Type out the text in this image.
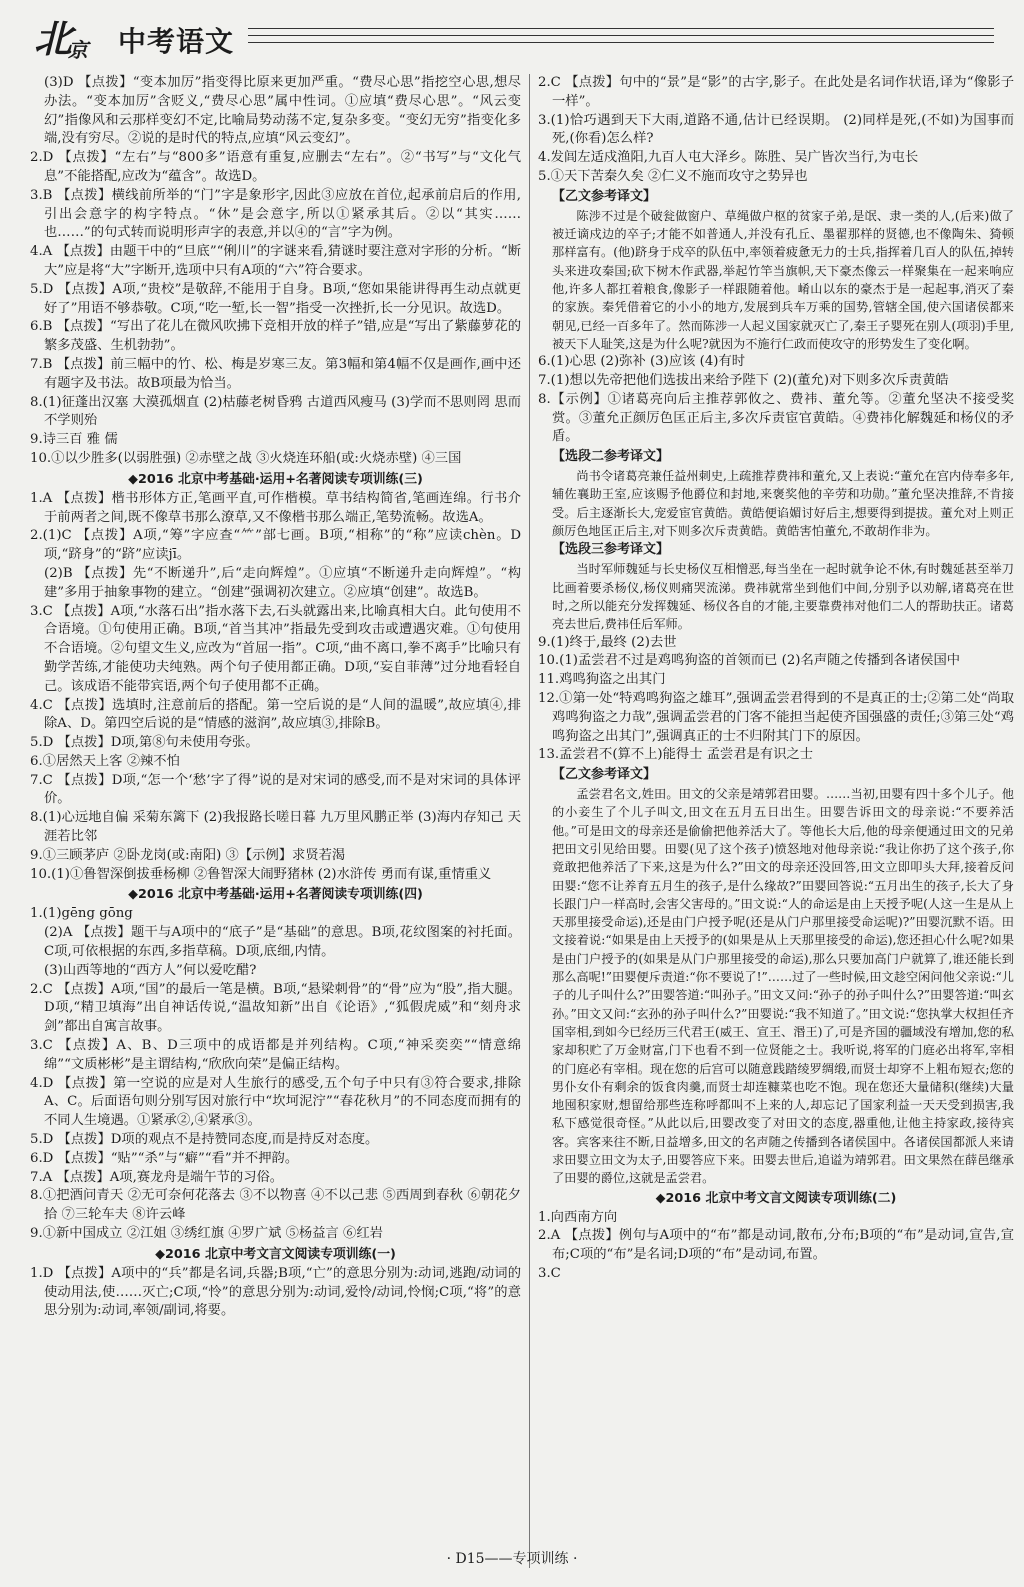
北京 中考语文
(3)D 【点拨】“变本加厉”指变得比原来更加严重。“费尽心思”指挖空心思,想尽办法。“变本加厉”含贬义,“费尽心思”属中性词。①应填“费尽心思”。“风云变幻”指像风和云那样变幻不定,比喻局势动荡不定,复杂多变。“变幻无穷”指变化多端,没有穷尽。②说的是时代的特点,应填“风云变幻”。
2.D 【点拨】“左右”与“800多”语意有重复,应删去“左右”。②“书写”与“文化气息”不能搭配,应改为“蕴含”。故选D。
3.B 【点拨】横线前所举的“门”字是象形字,因此③应放在首位,起承前启后的作用,引出会意字的构字特点。“休”是会意字,所以①紧承其后。②以“其实……也……”的句式转而说明形声字的表意,并以④的“言”字为例。
4.A 【点拨】由题干中的“旦底”“俐川”的字谜来看,猜谜时要注意对字形的分析。“断大”应是将“大”字断开,选项中只有A项的“六”符合要求。
5.D 【点拨】A项,“贵校”是敬辞,不能用于自身。B项,“您如果能讲得再生动点就更好了”用语不够恭敬。C项,“吃一堑,长一智”指受一次挫折,长一分见识。故选D。
6.B 【点拨】“写出了花儿在微风吹拂下竞相开放的样子”错,应是“写出了紫藤萝花的繁多茂盛、生机勃勃”。
7.B 【点拨】前三幅中的竹、松、梅是岁寒三友。第3幅和第4幅不仅是画作,画中还有题字及书法。故B项最为恰当。
8.(1)征蓬出汉塞 大漠孤烟直 (2)枯藤老树昏鸦 古道西风瘦马 (3)学而不思则罔 思而不学则殆
9.诗三百 雅 儒
10.①以少胜多(以弱胜强) ②赤壁之战 ③火烧连环船(或:火烧赤壁) ④三国
◆2016 北京中考基础·运用+名著阅读专项训练(三)
1.A 【点拨】楷书形体方正,笔画平直,可作楷模。草书结构简省,笔画连绵。行书介于前两者之间,既不像草书那么潦草,又不像楷书那么端正,笔势流畅。故选A。
2.(1)C 【点拨】A项,“筹”字应查“⺮”部七画。B项,“相称”的“称”应读chèn。D项,“跻身”的“跻”应读jī。
(2)B 【点拨】先“不断递升”,后“走向辉煌”。①应填“不断递升走向辉煌”。“构建”多用于抽象事物的建立。“创建”强调初次建立。②应填“创建”。故选B。
3.C 【点拨】A项,“水落石出”指水落下去,石头就露出来,比喻真相大白。此句使用不合语境。①句使用正确。B项,“首当其冲”指最先受到攻击或遭遇灾难。①句使用不合语境。②句望文生义,应改为“首屈一指”。C项,“曲不离口,拳不离手”比喻只有勤学苦练,才能使功夫纯熟。两个句子使用都正确。D项,“妄自菲薄”过分地看轻自己。该成语不能带宾语,两个句子使用都不正确。
4.C 【点拨】选填时,注意前后的搭配。第一空后说的是“人间的温暖”,故应填④,排除A、D。第四空后说的是“情感的滋润”,故应填③,排除B。
5.D 【点拨】D项,第⑧句未使用夸张。
6.①居然天上客 ②辣不怕
7.C 【点拨】D项,“怎一个‘愁’字了得”说的是对宋词的感受,而不是对宋词的具体评价。
8.(1)心远地自偏 采菊东篱下 (2)我报路长嗟日暮 九万里风鹏正举 (3)海内存知己 天涯若比邻
9.①三顾茅庐 ②卧龙岗(或:南阳) ③【示例】求贤若渴
10.(1)①鲁智深倒拔垂杨柳 ②鲁智深大闹野猪林 (2)水浒传 勇而有谋,重情重义
◆2016 北京中考基础·运用+名著阅读专项训练(四)
1.(1)gēng gōng
(2)A 【点拨】题干与A项中的“底子”是“基础”的意思。B项,花纹图案的衬托面。C项,可依根据的东西,多指草稿。D项,底细,内情。
(3)山西等地的“西方人”何以爱吃醋?
2.C 【点拨】A项,“国”的最后一笔是横。B项,“悬梁刺骨”的“骨”应为“股”,指大腿。D项,“精卫填海”出自神话传说,“温故知新”出自《论语》,“狐假虎威”和“刻舟求剑”都出自寓言故事。
3.C 【点拨】A、B、D三项中的成语都是并列结构。C项,“神采奕奕”“情意绵绵”“文质彬彬”是主谓结构,“欣欣向荣”是偏正结构。
4.D 【点拨】第一空说的应是对人生旅行的感受,五个句子中只有③符合要求,排除A、C。后面语句则分别写因对旅行中“坎坷泥泞”“春花秋月”的不同态度而拥有的不同人生境遇。①紧承②,④紧承③。
5.D 【点拨】D项的观点不是持赞同态度,而是持反对态度。
6.D 【点拨】“贴”“杀”与“癖”“看”并不押韵。
7.A 【点拨】A项,赛龙舟是端午节的习俗。
8.①把酒问青天 ②无可奈何花落去 ③不以物喜 ④不以己悲 ⑤西周到春秋 ⑥朝花夕拾 ⑦三轮车夫 ⑧许云峰
9.①新中国成立 ②江姐 ③绣红旗 ④罗广斌 ⑤杨益言 ⑥红岩
◆2016 北京中考文言文阅读专项训练(一)
1.D 【点拨】A项中的“兵”都是名词,兵器;B项,“亡”的意思分别为:动词,逃跑/动词的使动用法,使……灭亡;C项,“怜”的意思分别为:动词,爱怜/动词,怜悯;C项,“将”的意思分别为:动词,率领/副词,将要。
2.C 【点拨】句中的“景”是“影”的古字,影子。在此处是名词作状语,译为“像影子一样”。
3.(1)恰巧遇到天下大雨,道路不通,估计已经误期。 (2)同样是死,(不如)为国事而死,(你看)怎么样?
4.发闾左适戍渔阳,九百人屯大泽乡。陈胜、吴广皆次当行,为屯长
5.①天下苦秦久矣 ②仁义不施而攻守之势异也
【乙文参考译文】
陈涉不过是个破瓮做窗户、草绳做户枢的贫家子弟,是氓、隶一类的人,(后来)做了被迁谪戍边的卒子;才能不如普通人,并没有孔丘、墨翟那样的贤德,也不像陶朱、猗顿那样富有。(他)跻身于戍卒的队伍中,率领着疲惫无力的士兵,指挥着几百人的队伍,掉转头来进攻秦国;砍下树木作武器,举起竹竿当旗帜,天下豪杰像云一样聚集在一起来响应他,许多人都扛着粮食,像影子一样跟随着他。崤山以东的豪杰于是一起起事,消灭了秦的家族。秦凭借着它的小小的地方,发展到兵车万乘的国势,管辖全国,使六国诸侯都来朝见,已经一百多年了。然而陈涉一人起义国家就灭亡了,秦王子婴死在别人(项羽)手里,被天下人耻笑,这是为什么呢?就因为不施行仁政而使攻守的形势发生了变化啊。
6.(1)心思 (2)弥补 (3)应该 (4)有时
7.(1)想以先帝把他们选拔出来给予陛下 (2)(董允)对下则多次斥责黄皓
8.【示例】①诸葛亮向后主推荐郭攸之、费祎、董允等。②董允坚决不接受奖赏。③董允正颜厉色匡正后主,多次斥责宦官黄皓。④费祎化解魏延和杨仪的矛盾。
【选段二参考译文】
尚书令诸葛亮兼任益州刺史,上疏推荐费祎和董允,又上表说:“董允在宫内侍奉多年,辅佐襄助王室,应该赐予他爵位和封地,来褒奖他的辛劳和功勋。”董允坚决推辞,不肯接受。后主逐渐长大,宠爱宦官黄皓。黄皓便谄媚讨好后主,想要得到提拔。董允对上则正颜厉色地匡正后主,对下则多次斥责黄皓。黄皓害怕董允,不敢胡作非为。
【选段三参考译文】
当时军师魏延与长史杨仪互相憎恶,每当坐在一起时就争论不休,有时魏延甚至举刀比画着要杀杨仪,杨仪则痛哭流涕。费祎就常坐到他们中间,分别予以劝解,诸葛亮在世时,之所以能充分发挥魏延、杨仪各自的才能,主要靠费祎对他们二人的帮助扶正。诸葛亮去世后,费祎任后军师。
9.(1)终于,最终 (2)去世
10.(1)孟尝君不过是鸡鸣狗盗的首领而已 (2)名声随之传播到各诸侯国中
11.鸡鸣狗盗之出其门
12.①第一处“特鸡鸣狗盗之雄耳”,强调孟尝君得到的不是真正的士;②第二处“尚取鸡鸣狗盗之力哉”,强调孟尝君的门客不能担当起使齐国强盛的责任;③第三处“鸡鸣狗盗之出其门”,强调真正的士不归附其门下的原因。
13.孟尝君不(算不上)能得士 孟尝君是有识之士
【乙文参考译文】
孟尝君名文,姓田。田文的父亲是靖郭君田婴。……当初,田婴有四十多个儿子。他的小妾生了个儿子叫文,田文在五月五日出生。田婴告诉田文的母亲说:“不要养活他。”可是田文的母亲还是偷偷把他养活大了。等他长大后,他的母亲便通过田文的兄弟把田文引见给田婴。田婴(见了这个孩子)愤怒地对他母亲说:“我让你扔了这个孩子,你竟敢把他养活了下来,这是为什么?”田文的母亲还没回答,田文立即叩头大拜,接着反问田婴:“您不让养育五月生的孩子,是什么缘故?”田婴回答说:“五月出生的孩子,长大了身长跟门户一样高时,会害父害母的。”田文说:“人的命运是由上天授予呢(人这一生是从上天那里接受命运),还是由门户授予呢(还是从门户那里接受命运呢)?”田婴沉默不语。田文接着说:“如果是由上天授予的(如果是从上天那里接受的命运),您还担心什么呢?如果是由门户授予的(如果是从门户那里接受的命运),那么只要加高门户就算了,谁还能长到那么高呢!”田婴便斥责道:“你不要说了!”……过了一些时候,田文趁空闲问他父亲说:“儿子的儿子叫什么?”田婴答道:“叫孙子。”田文又问:“孙子的孙子叫什么?”田婴答道:“叫玄孙。”田文又问:“玄孙的孙子叫什么?”田婴说:“我不知道了。”田文说:“您执掌大权担任齐国宰相,到如今已经历三代君王(威王、宣王、湣王)了,可是齐国的疆域没有增加,您的私家却积贮了万金财富,门下也看不到一位贤能之士。我听说,将军的门庭必出将军,宰相的门庭必有宰相。现在您的后宫可以随意践踏绫罗绸缎,而贤士却穿不上粗布短衣;您的男仆女仆有剩余的饭食肉羹,而贤士却连糠菜也吃不饱。现在您还大量储积(继续)大量地囤积家财,想留给那些连称呼都叫不上来的人,却忘记了国家利益一天天受到损害,我私下感觉很奇怪。”从此以后,田婴改变了对田文的态度,器重他,让他主持家政,接待宾客。宾客来往不断,日益增多,田文的名声随之传播到各诸侯国中。各诸侯国都派人来请求田婴立田文为太子,田婴答应下来。田婴去世后,追谥为靖郭君。田文果然在薛邑继承了田婴的爵位,这就是孟尝君。
◆2016 北京中考文言文阅读专项训练(二)
1.向西南方向
2.A 【点拨】例句与A项中的“布”都是动词,散布,分布;B项的“布”是动词,宣告,宣布;C项的“布”是名词;D项的“布”是动词,布置。
3.C
· D15——专项训练 ·
